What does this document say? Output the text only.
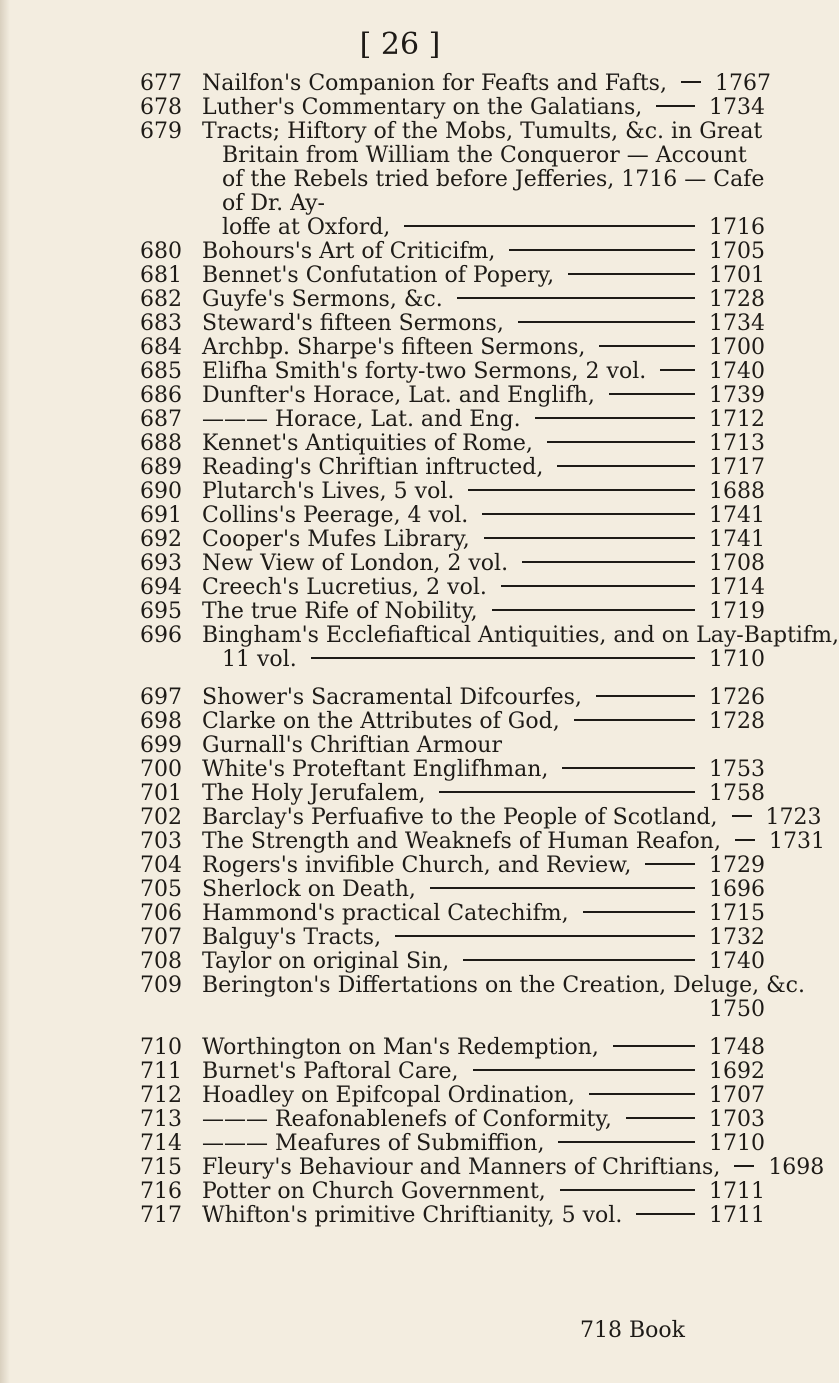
[ 26 ]
677 Nailfon's Companion for Feafts and Fafts, 1767
678 Luther's Commentary on the Galatians,	1734
679 Tracts; Hiftory of the Mobs, Tumults, &c. in Great
Britain from William the Conqueror — Account of the Rebels tried before Jefferies, 1716 — Cafe of Dr. Ay-
loffe at Oxford,	1716
680 Bohours's Art of Criticifm,	1705
681 Bennet's Confutation of Popery,	1701
682 Guyfe's Sermons, &c.	1728
683 Steward's fifteen Sermons,	1734
684 Archbp. Sharpe's fifteen Sermons,	1700
685 Elifha Smith's forty-two Sermons, 2 vol.	1740
686 Dunfter's Horace, Lat. and Englifh,	1739
687 ——— Horace, Lat. and Eng.	1712
688 Kennet's Antiquities of Rome,	1713
689 Reading's Chriftian inftructed,	1717
690 Plutarch's Lives, 5 vol.	1688
691 Collins's Peerage, 4 vol.	1741
692 Cooper's Mufes Library,	1741
693 New View of London, 2 vol.	1708
694 Creech's Lucretius, 2 vol.	1714
695 The true Rife of Nobility,	1719
696 Bingham's Ecclefiaftical Antiquities, and on Lay-Baptifm,
11 vol.	1710
697 Shower's Sacramental Difcourfes,	1726
698 Clarke on the Attributes of God,	1728
699 Gurnall's Chriftian Armour
700 White's Proteftant Englifhman,	1753
701 The Holy Jerufalem,	1758
702 Barclay's Perfuafive to the People of Scotland, 1723
703 The Strength and Weaknefs of Human Reafon, 1731
704 Rogers's invifible Church, and Review,	1729
705 Sherlock on Death,	1696
706 Hammond's practical Catechifm,	1715
707 Balguy's Tracts,	1732
708 Taylor on original Sin,	1740
709 Berington's Differtations on the Creation, Deluge, &c.
1750
710 Worthington on Man's Redemption,	1748
711 Burnet's Paftoral Care,	1692
712 Hoadley on Epifcopal Ordination,	1707
713 ——— Reafonablenefs of Conformity,	1703
714 ——— Meafures of Submiffion,	1710
715 Fleury's Behaviour and Manners of Chriftians, 1698
716 Potter on Church Government,	1711
717 Whifton's primitive Chriftianity, 5 vol.	1711
718 Book
